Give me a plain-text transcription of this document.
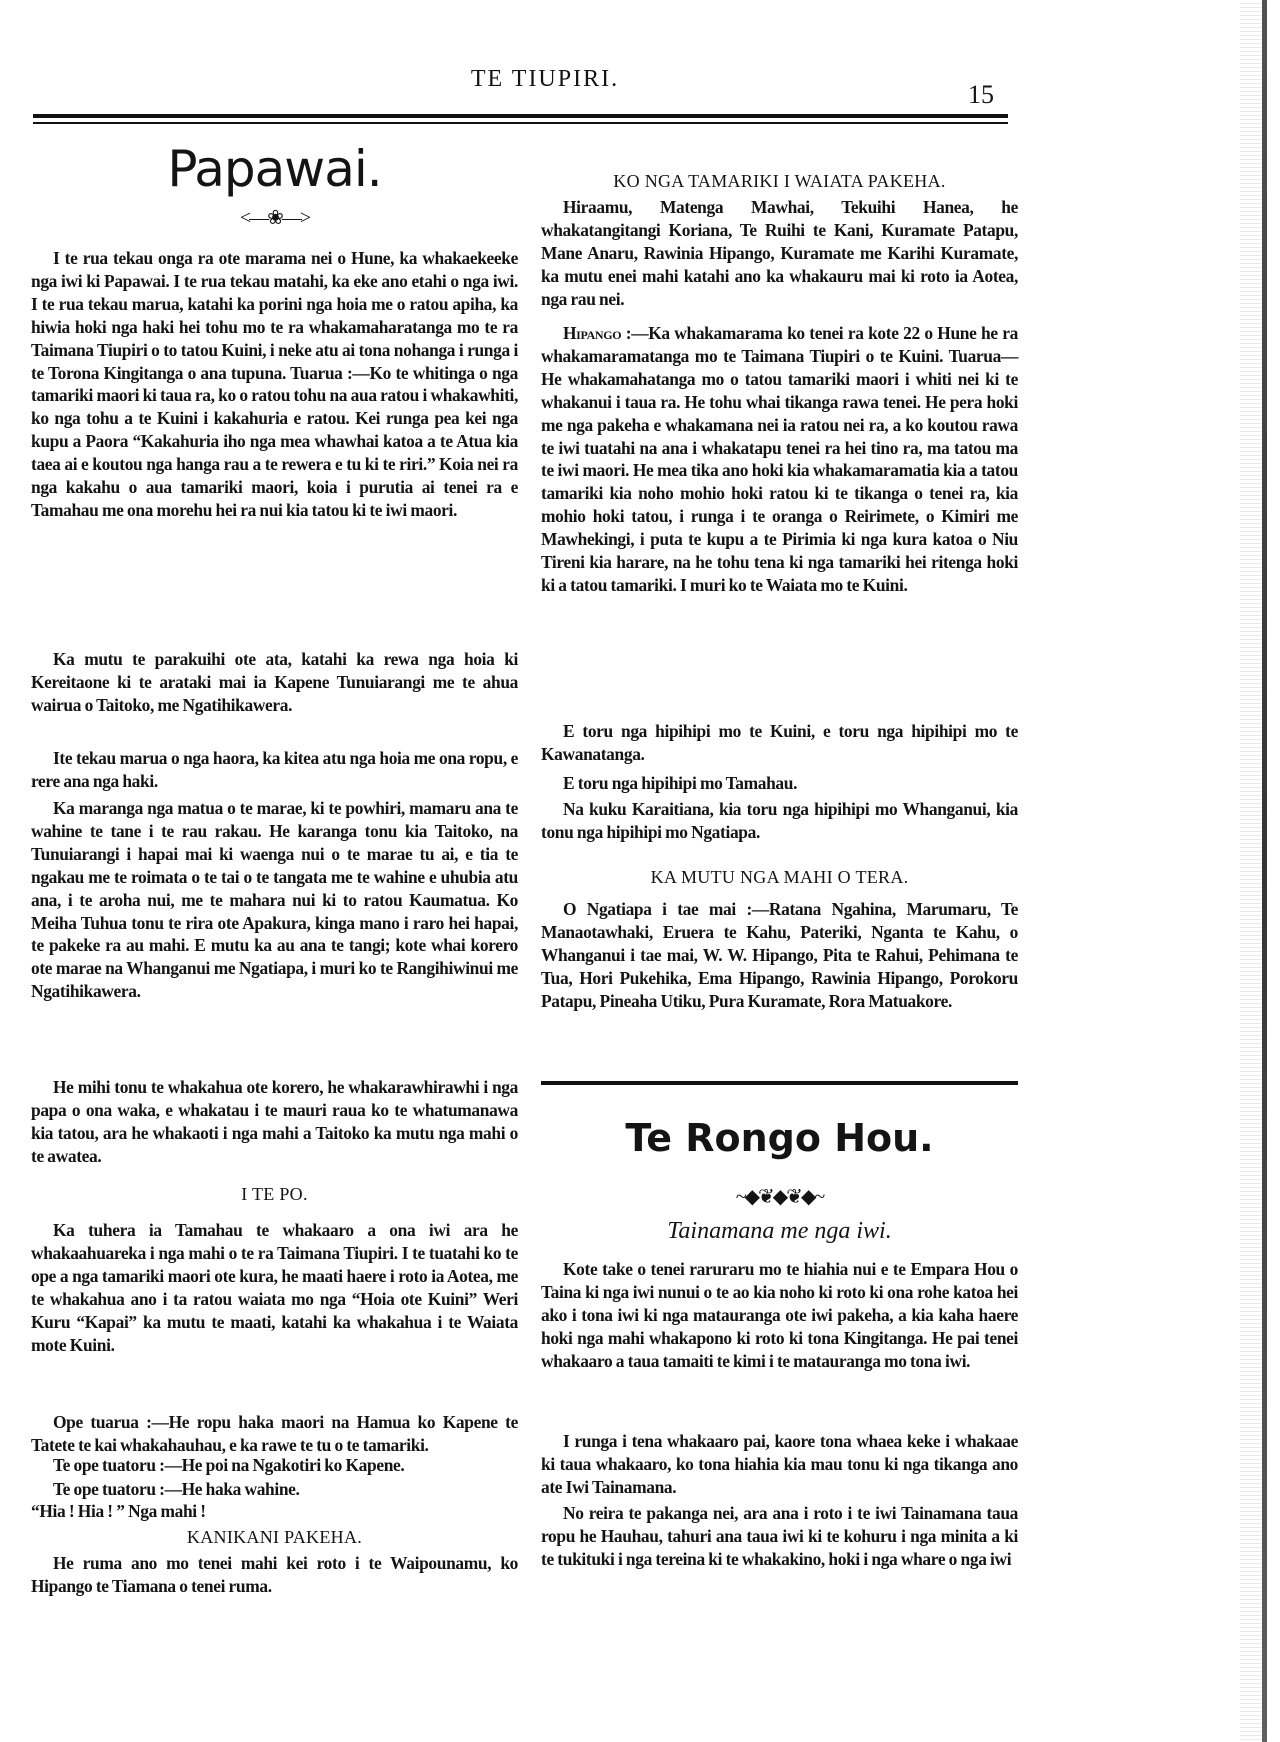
TE TIUPIRI.
15
Papawai.
<—❀—>

I te rua tekau onga ra ote marama nei o Hune, ka whakaekeeke nga iwi ki Papawai. I te rua tekau matahi, ka eke ano etahi o nga iwi. I te rua tekau marua, katahi ka porini nga hoia me o ratou apiha, ka hiwia hoki nga haki hei tohu mo te ra whakamaharatanga mo te ra Taimana Tiupiri o to tatou Kuini, i neke atu ai tona nohanga i runga i te Torona Kingitanga o ana tupuna. Tuarua :—Ko te whitinga o nga tamariki maori ki taua ra, ko o ratou tohu na aua ratou i whakawhiti, ko nga tohu a te Kuini i kakahuria e ratou. Kei runga pea kei nga kupu a Paora “Kakahuria iho nga mea whawhai katoa a te Atua kia taea ai e koutou nga hanga rau a te rewera e tu ki te riri.” Koia nei ra nga kakahu o aua tamariki maori, koia i purutia ai tenei ra e Tamahau me ona morehu hei ra nui kia tatou ki te iwi maori.

Ka mutu te parakuihi ote ata, katahi ka rewa nga hoia ki Kereitaone ki te arataki mai ia Kapene Tunuiarangi me te ahua wairua o Taitoko, me Ngatihikawera.

Ite tekau marua o nga haora, ka kitea atu nga hoia me ona ropu, e rere ana nga haki.

Ka maranga nga matua o te marae, ki te powhiri, mamaru ana te wahine te tane i te rau rakau. He karanga tonu kia Taitoko, na Tunuiarangi i hapai mai ki waenga nui o te marae tu ai, e tia te ngakau me te roimata o te tai o te tangata me te wahine e uhubia atu ana, i te aroha nui, me te mahara nui ki to ratou Kaumatua. Ko Meiha Tuhua tonu te rira ote Apakura, kinga mano i raro hei hapai, te pakeke ra au mahi. E mutu ka au ana te tangi; kote whai korero ote marae na Whanganui me Ngatiapa, i muri ko te Rangihiwinui me Ngatihikawera.

He mihi tonu te whakahua ote korero, he whakarawhirawhi i nga papa o ona waka, e whakatau i te mauri raua ko te whatumanawa kia tatou, ara he whakaoti i nga mahi a Taitoko ka mutu nga mahi o te awatea.

I TE PO.

Ka tuhera ia Tamahau te whakaaro a ona iwi ara he whakaahuareka i nga mahi o te ra Taimana Tiupiri. I te tuatahi ko te ope a nga tamariki maori ote kura, he maati haere i roto ia Aotea, me te whakahua ano i ta ratou waiata mo nga “Hoia ote Kuini” Weri Kuru “Kapai” ka mutu te maati, katahi ka whakahua i te Waiata mote Kuini.

Ope tuarua :—He ropu haka maori na Hamua ko Kapene te Tatete te kai whakahauhau, e ka rawe te tu o te tamariki.

Te ope tuatoru :—He poi na Ngakotiri ko Kapene.

Te ope tuatoru :—He haka wahine.

“Hia ! Hia ! ” Nga mahi !

KANIKANI PAKEHA.

He ruma ano mo tenei mahi kei roto i te Waipounamu, ko Hipango te Tiamana o tenei ruma.

KO NGA TAMARIKI I WAIATA PAKEHA.

Hiraamu, Matenga Mawhai, Tekuihi Hanea, he whakatangitangi Koriana, Te Ruihi te Kani, Kuramate Patapu, Mane Anaru, Rawinia Hipango, Kuramate me Karihi Kuramate, ka mutu enei mahi katahi ano ka whakauru mai ki roto ia Aotea, nga rau nei.

Hipango :—Ka whakamarama ko tenei ra kote 22 o Hune he ra whakamaramatanga mo te Taimana Tiupiri o te Kuini. Tuarua—He whakamahatanga mo o tatou tamariki maori i whiti nei ki te whakanui i taua ra. He tohu whai tikanga rawa tenei. He pera hoki me nga pakeha e whakamana nei ia ratou nei ra, a ko koutou rawa te iwi tuatahi na ana i whakatapu tenei ra hei tino ra, ma tatou ma te iwi maori. He mea tika ano hoki kia whakamaramatia kia a tatou tamariki kia noho mohio hoki ratou ki te tikanga o tenei ra, kia mohio hoki tatou, i runga i te oranga o Reirimete, o Kimiri me Mawhekingi, i puta te kupu a te Pirimia ki nga kura katoa o Niu Tireni kia harare, na he tohu tena ki nga tamariki hei ritenga hoki ki a tatou tamariki. I muri ko te Waiata mo te Kuini.

E toru nga hipihipi mo te Kuini, e toru nga hipihipi mo te Kawanatanga.

E toru nga hipihipi mo Tamahau.

Na kuku Karaitiana, kia toru nga hipihipi mo Whanganui, kia tonu nga hipihipi mo Ngatiapa.

KA MUTU NGA MAHI O TERA.

O Ngatiapa i tae mai :—Ratana Ngahina, Marumaru, Te Manaotawhaki, Eruera te Kahu, Pateriki, Nganta te Kahu, o Whanganui i tae mai, W. W. Hipango, Pita te Rahui, Pehimana te Tua, Hori Pukehika, Ema Hipango, Rawinia Hipango, Porokoru Patapu, Pineaha Utiku, Pura Kuramate, Rora Matuakore.

Te Rongo Hou.
~◆❦◆❦◆~
Tainamana me nga iwi.

Kote take o tenei raruraru mo te hiahia nui e te Empara Hou o Taina ki nga iwi nunui o te ao kia noho ki roto ki ona rohe katoa hei ako i tona iwi ki nga matauranga ote iwi pakeha, a kia kaha haere hoki nga mahi whakapono ki roto ki tona Kingitanga. He pai tenei whakaaro a taua tamaiti te kimi i te matauranga mo tona iwi.

I runga i tena whakaaro pai, kaore tona whaea keke i whakaae ki taua whakaaro, ko tona hiahia kia mau tonu ki nga tikanga ano ate Iwi Tainamana.

No reira te pakanga nei, ara ana i roto i te iwi Tainamana taua ropu he Hauhau, tahuri ana taua iwi ki te kohuru i nga minita a ki te tukituki i nga tereina ki te whakakino, hoki i nga whare o nga iwi
